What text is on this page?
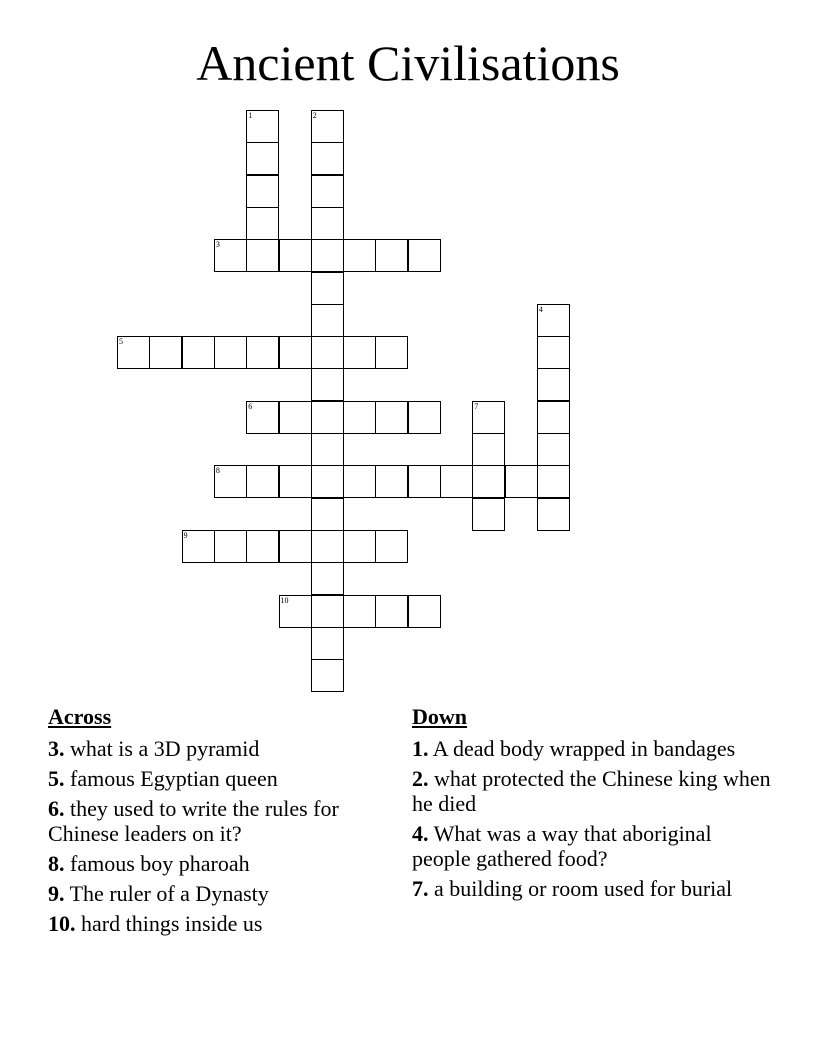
Ancient Civilisations
1	2
3
4
5
6	7
8
9
10
Across
3. what is a 3D pyramid
5. famous Egyptian queen
6. they used to write the rules for Chinese leaders on it?
8. famous boy pharoah
9. The ruler of a Dynasty
10. hard things inside us
Down
1. A dead body wrapped in bandages
2. what protected the Chinese king when he died
4. What was a way that aboriginal people gathered food?
7. a building or room used for burial
